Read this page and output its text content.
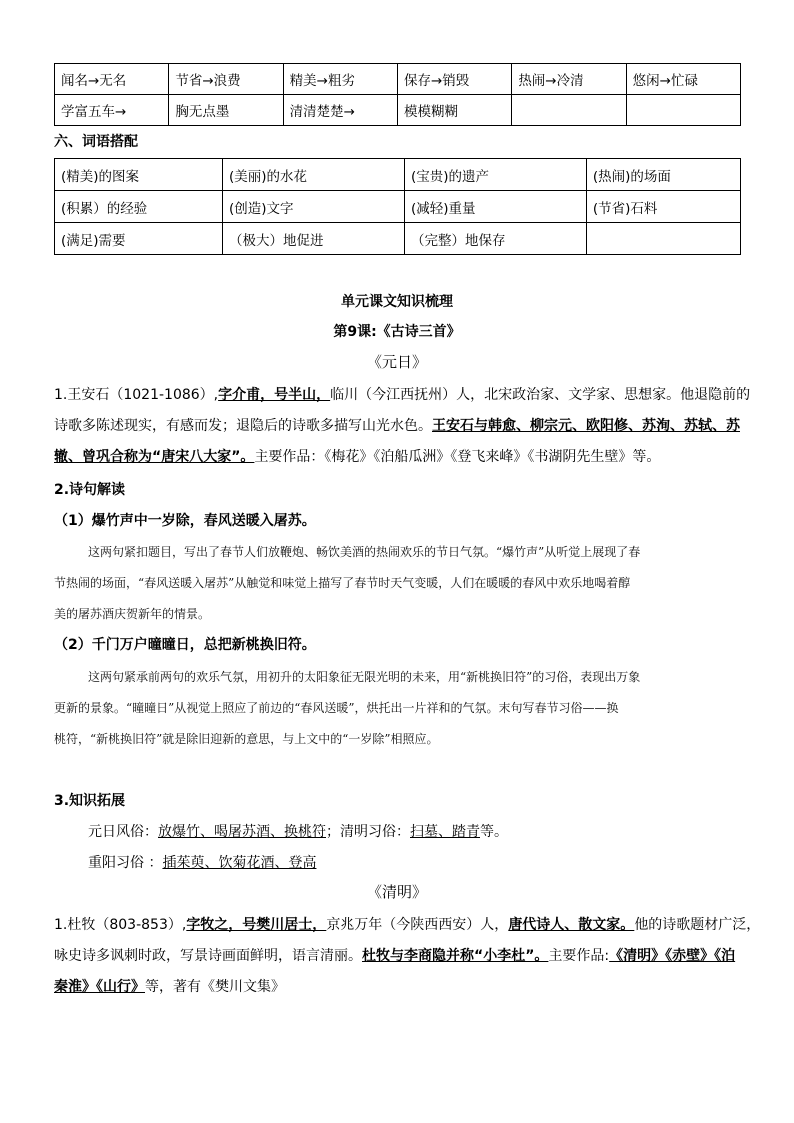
闻名→无名	节省→浪费	精美→粗劣	保存→销毁	热闹→冷清	悠闲→忙碌
学富五车→	胸无点墨	清清楚楚→	模模糊糊		
六、词语搭配
(精美)的图案	(美丽)的水花	(宝贵)的遗产	(热闹)的场面
(积累）的经验	(创造)文字	(减轻)重量	(节省)石料
(满足)需要	（极大）地促进	（完整）地保存	
单元课文知识梳理
第9课:《古诗三首》
《元日》
1.王安石（1021-1086）,字介甫，号半山，临川（今江西抚州）人，北宋政治家、文学家、思想家。他退隐前的
诗歌多陈述现实，有感而发；退隐后的诗歌多描写山光水色。王安石与韩愈、柳宗元、欧阳修、苏洵、苏轼、苏
辙、曾巩合称为“唐宋八大家”。主要作品：《梅花》《泊船瓜洲》《登飞来峰》《书湖阴先生壁》等。
2.诗句解读
（1）爆竹声中一岁除，春风送暖入屠苏。
这两句紧扣题目，写出了春节人们放鞭炮、畅饮美酒的热闹欢乐的节日气氛。“爆竹声”从听觉上展现了春
节热闹的场面，“春风送暖入屠苏”从触觉和味觉上描写了春节时天气变暖，人们在暖暖的春风中欢乐地喝着醇
美的屠苏酒庆贺新年的情景。
（2）千门万户曈曈日，总把新桃换旧符。
这两句紧承前两句的欢乐气氛，用初升的太阳象征无限光明的未来，用“新桃换旧符”的习俗，表现出万象
更新的景象。“曈曈日”从视觉上照应了前边的“春风送暖”，烘托出一片祥和的气氛。末句写春节习俗——换
桃符，“新桃换旧符”就是除旧迎新的意思，与上文中的“一岁除”相照应。
3.知识拓展
元日风俗：放爆竹、喝屠苏酒、换桃符；清明习俗：扫墓、踏青等。
重阳习俗 ：插茱萸、饮菊花酒、登高
《清明》
1.杜牧（803-853）,字牧之，号樊川居士，京兆万年（今陕西西安）人，唐代诗人、散文家。他的诗歌题材广泛，
咏史诗多讽刺时政，写景诗画面鲜明，语言清丽。杜牧与李商隐并称“小李杜”。主要作品:《清明》《赤壁》《泊
秦淮》《山行》等，著有《樊川文集》
